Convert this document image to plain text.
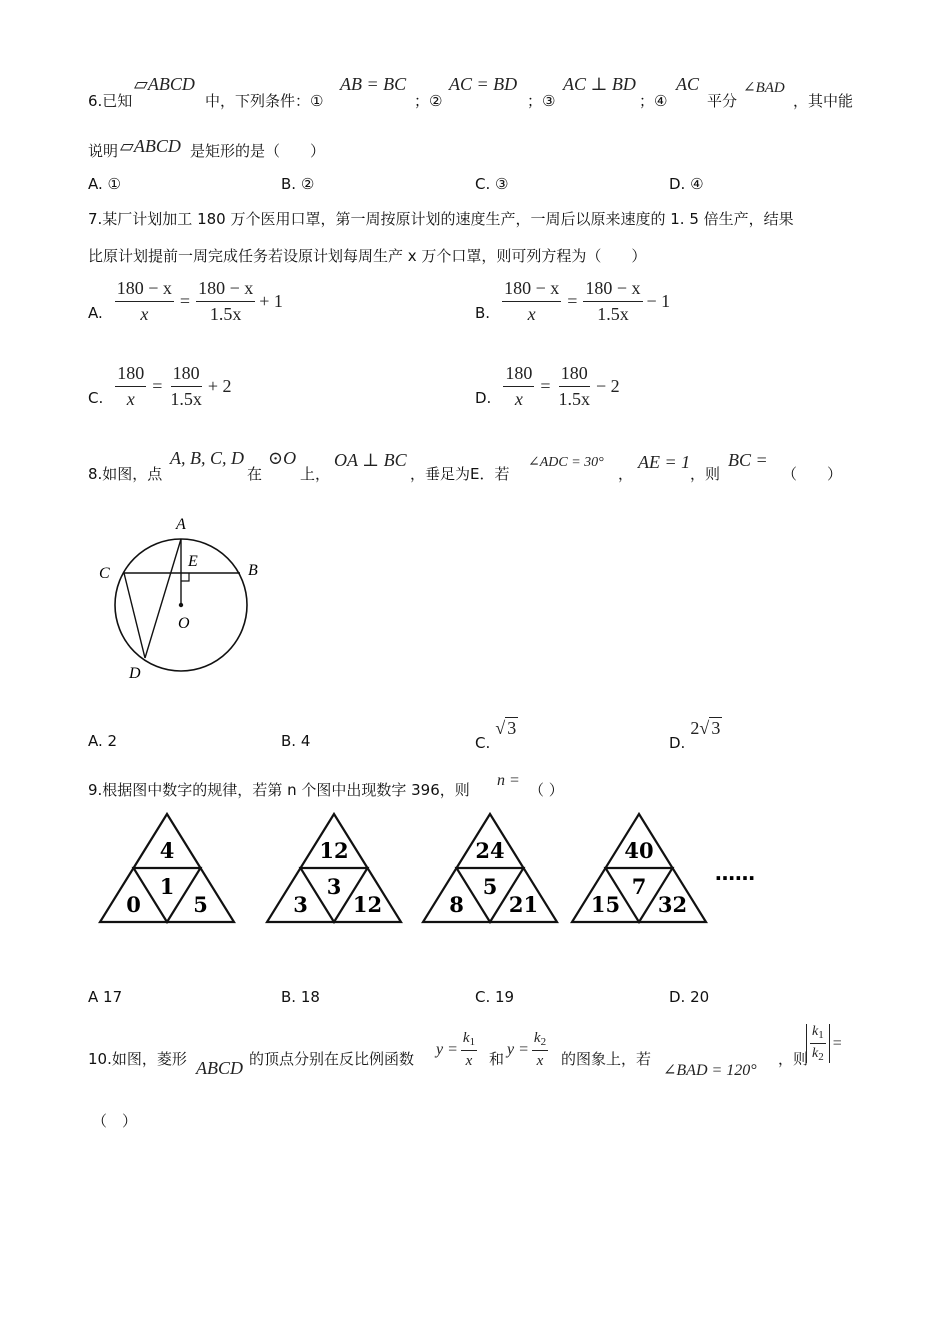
6.已知
▱ABCD
中，下列条件：①
AB = BC
；②
AC = BD
；③
AC ⊥ BD
；④
AC
平分
∠BAD
，其中能
说明 ▱ABCD 是矩形的是（　　）
A. ①	B. ②	C. ③	D. ④
7.某厂计划加工 180 万个医用口罩，第一周按原计划的速度生产，一周后以原来速度的 1. 5 倍生产，结果
比原计划提前一周完成任务若设原计划每周生产 x 万个口罩，则可列方程为（　　）
A. $\frac{180 - x}{x} = \frac{180 - x}{1.5x} + 1$
B. $\frac{180 - x}{x} = \frac{180 - x}{1.5x} - 1$
C. $\frac{180}{x} = \frac{180}{1.5x} + 2$
D. $\frac{180}{x} = \frac{180}{1.5x} - 2$
8.如图，点
A, B, C, D
在
⊙O
上，
OA ⊥ BC
，垂足为E．若
∠ADC = 30°
，
AE = 1
，则
BC =
（　　）
A
B
C
D
E
O
A. 2	B. 4	C. √ 3
D. 2√ 3
9.根据图中数字的规律，若第 n 个图中出现数字 396，则
n =
（ ）
4
1
0 5
12
3
3 12
24
5
8 21
40
7
15 32
……
A 17	B. 18	C. 19	D. 20
10.如图，菱形 ABCD 的顶点分别在反比例函数
$y = \frac{k_1}{x}$ 和
$y = \frac{k_2}{x}$ 的图象上，若
∠BAD = 120°
，则 $\frac{k_1}{k_2}$ =
（　）
